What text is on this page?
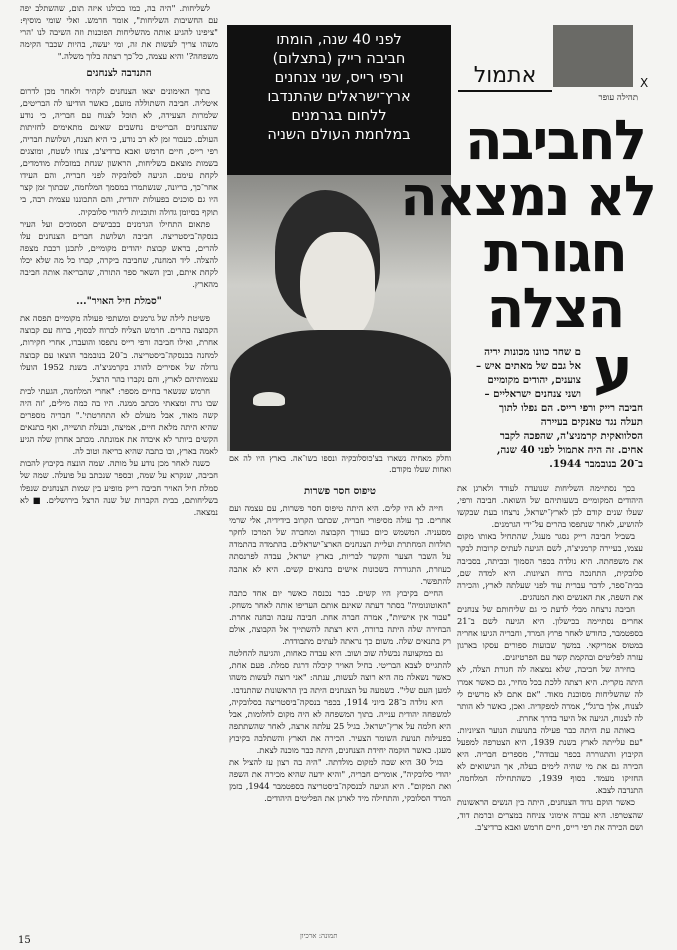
לשליחות. "היה בה, כמו בכולנו איזה תום, שהשתלב יפה עם החשיבות השליחות", אומר חרמש. ואלי שומי מוסיף: "ציפינו להגיע אותה מהשליחות הפוכנות וזה השיבה לנו 'הרי משהו צריך לעשות את זה, ומי יעשה, בהיות שכבר הקימה משפחה?' והיא עצמה, כל־כך רצתה בלוך משלה."

התנדבה לצנחנים

בתוך האימונים יצאו הצנחנים לקהיר ולאחר מכן לדרום איטליה. חביבה השתוללה מועם, כאשר הודיעו לה הבריטים, שלמרות הצעידה, לא תוכל לצנוח עם חבריה, כי נודע שהצנחנים הבריטים נחשבים שאינם מתאימים לחזיתות העולם. כעבור זמן לא רב נודע, כי היא תצנח, ושלושת חבריה, רפי רייס, חיים חרמש ואבא ברדיצ'ב, צנחו לשטח, ומוצגים בשמות מוצאם בשליחות, הראשון שנחת במזבלות מודמדים, לקחת עימם. הגיעה לסלובקיה לפני חבריה, והם העידו אחר־כך, בריונה, שנשתמרו במסמך המלחמה, שבתוך זמן קצר היו גם סוכנים בפעולות יהודית, והם התכוננו עצמית רבה, בי תוקף בסיומן גדולה ותוכניות ליהודי סלובקיה.

פתאום התחילו הגרמנים בכבישים הסמוכים ועל העיר בנסקה־ביסטריצה. חביבה ושלושת חברים הצנחנים עלו להרים, בראש קבוצת יהודים מקומיים, לתכנן רכבת מצפה להצלה. ליד המחנה, שחביבה ביקרה, קברו כל מה שלא יכלו לקחת איתם, ובין השאר ספר התורה, שהבריאה אותה חביבה מהארץ.

"סמלת חיל האויר"...

פשיטת לילה של גרמנים ומשתפי פעולה מקומיים תפסה את הקבוצה בהרים. חרמש הצליח לברוח לבסוף, ברוח עם קבוצה אחרת, ואילו חביבה ורפי רייס נתפסו והועברו, אחרי חקירות, למחנה בבנסקה־ביסטריצה. ב־20 בנובמבר הוצאו עם קבוצה גדולה של אסירים להורג בקרמניצ'ה. בשנת 1952 הועלו עצמותיהם לארץ, והם נקברו בהר הרצל.

חרמש שנשאר בחיים מספר: "אחרי המלחמה, הגעתי לבית שבו גרה ומצאתי מכתב ממנה. היו בה כמה מילים, 'זה היה קשה מאוד, אבל מעולם לא התחרטתי'." חבריה מספרים שהיא היתה מלאת חיים, אמיצה, ובעלת תושייה, ואף בתנאים הקשים ביותר לא איבדה את אמונתה. מכתב אחרון שלה הגיע לאמה בארץ, ובו כתבה שהיא בריאה וטוב לה.

כשנה לאחר מכן נודע על מותה. שמה הונצח בקיבוץ להבות חביבה, שנקרא על שמה, ובספר שנכתב על פועלה. שמה של סמלת חיל האויר חביבה רייק מופיע בין שמות הצנחנים שנפלו בשליחותם, בבית הקברות של שנה הרצל בירושלים. ■ לא נמצאה.

לפני 40 שנה, הומתו
חביבה רייק (בתצלום)
ורפי רייס, שני צנחנים
ארץ־ישראלים שהתנדבו
ללחום בגרמנים
במלחמת העולם השניה
וחלק מאחיה נשארו בצ'כוסלובקיה ונספו בשו־אה. בארץ היו לה אם ואחות שעלו מקודם.
טיפוס חסר פשרות

חייה לא היו קלים. היא היתה טיפוס חסר פשרות, עם עצמה ועם אחרים. כך עולה מסיפורי חבריה, שכתבו הקרוב בידידיה, אלי שרמי מסעניה. המשמש כיום כעורך הקבוצה ומחברה של המרכז לחקר תולדות המחתרת ועליית הצנחנים הארצ־ישראלים. בהתמדה בהתמדה על השבר הצער והקשר לבריות, בארץ ישראל, עבדה לפרנסתה כעוזרת, התגוררה בשכונות אישים בתנאים קשים. היא לא אהבה להתפשר.

החיים בקיבוץ היו קשים. כבר נכנסה כאשר יום אחד כתבה "האוטונומיה" בסתר דעתה שאינם אותם העדיפו אותה לאחר משחק. "עבור אין אישיות", אמרה חברה אחת. חביבה עזבה ובחנה אחרת. הבחירה שלה היתה ברורה, היא רצתה להשתייך אל הקבוצה, אולם רק בתנאים שלה. משום כך נראתה לעתים מתבודדת.

גם במקצועה נכשלה שוב ושוב. היא עבדה כאחות, והגיעה להחלטה להתגייס לצבא הבריטי. בחיל האויר קיבלה דרגת סמלת. פעם אחת, כאשר נשאלה מה היא רוצה לעשות, ענתה: "אני רוצה לעשות משהו למען העם שלי". כשמעה על הצנחנים היתה בין הראשונות שהתנדבו.

היא נולדה ב־28 ביוני 1914, בכפר בנסקה־ביסטריצה בסלובקיה, למשפחה יהודית ענייה. בתוך המשפחה לא היה מקום לחלומות, אבל היא חלמה על ארץ־ישראל. בגיל 25 עלתה ארצה, לאחר שהשתתפה בפעילות תנועת השומר הצעיר. הכירה את הארץ והשתלבה בקיבוץ מעגן. כאשר הוקמה יחידת הצנחנים, היתה כבר מוכנה לצאת.

בגיל 30 היא שבה למקום מולדתה. "היה בה רצון עז להציל את יהודי סלובקיה", אומרים חבריה, "והיא ידעה שהיא מכירה את השפה ואת המקום". היא הגיעה לבנסקה־ביסטריצה בספטמבר 1944, בזמן המרד הסלובקי, והתחילה מיד לארגן את הפליטים היהודים.

אתמול	X
תהילה עופר
לחביבה
לא נמצאה
חגורת
הצלה
ע
ם שחר כוונו מכונות יריה
אל גבם של מאתים איש –
צוענים, יהודים מקומיים
ושני צנחנים ישראליים –
חביבה רייק ורפי רייס. הם נפלו לתוך
תעלה נגד טאנקים בעיירה
הסלוואקית קרמניצ'ה, שהפכה לקבר
אחים. זה היה אתמול לפני 40 שנה,
ב־20 בנובמבר 1944.

בכך נסתיימה השליחות שנועדה לעודד ולארגן את היהודים המקומיים בשעותיהם של השואה. חביבה ורפי, שעלו שנים קודם לכן לארץ־ישראל, נרצחו בעת שבקשו להושיע, לאחר שנתפסו בהרים על־ידי הגרמנים.

בשביל חביבה רייק נסגר מעגל, שהתחיל באותו מקום עצמו, בעיירה קרמניצ'ה, לשם הגיעה לעתים קרובות לבקר את משפחתה. היא נולדה בכפר הסמוך ובביתה, בסביבה סלובקית, התחנכה ברוח הציונות. היא למדה שם, בבית־ספר, לדבר עברית עוד לפני שעלתה לארץ, והכירה את השפה, את האנשים ואת המנהגים.

חביבה נרצחה מבלי לדעת כי גם שליחותם של צנחנים אחרים נסתיימה בכישלון. היא הגיעה לשם ב־21 בספטמבר, כחודש לאחר פרוץ המרד, וחבריה הגיעו אחריה במטוס אמריקאי. במשך שבועות ספורים עסקו בארגון עזרה לפליטים ובהקמת קשר עם הפרטיזנים.

בחירה של חביבה, שלא נמצאה לה חגורת הצלה, לא היתה מקרית. היא רצתה ללכת בכל מחיר, גם כאשר אמרו לה שהשליחות מסוכנת מאוד. "אם אתם לא מרשים לי לצנוח, אלך ברגל", אמרה למפקדיה. ואכן, כאשר לא הותר לה לצנוח, הגיעה אל היעד בדרך אחרת.

באותה עת היתה כבר פעילה בתנועות הנוער הציוניות. "עם עלייתה לארץ בשנת 1939, היא הצטרפה למפעל הקיבוץ והתגוררה בכפר עבודה", מספרים חבריה. היא הכירה גם את מי שהיה לימים בעלה, אך הנישואים לא החזיקו מעמד. בסוף 1939, כשהתחילה המלחמה, התנדבה לצבא.

כאשר הוקם גדוד הצנחנים, היתה בין הנשים הראשונות שהצטרפו. היא עברה אימוני צניחה במצרים וברמת דוד, ושם הכירה את רפי רייס, חיים חרמש ואבא ברדיצ'ב.

תמונה: ארכיון
15
